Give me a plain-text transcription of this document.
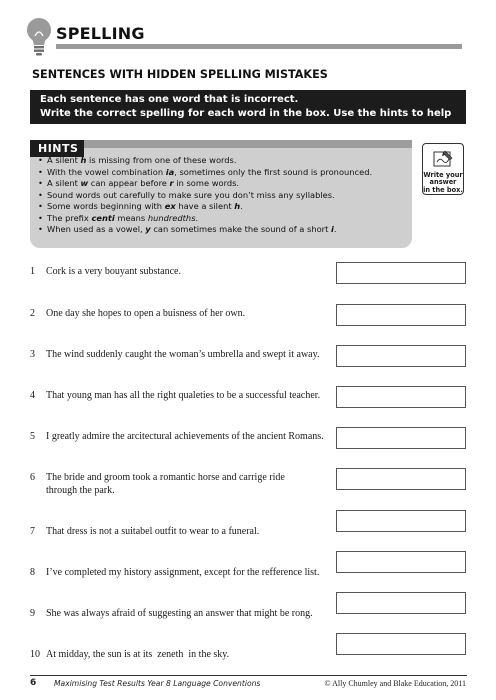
SPELLING
SENTENCES WITH HIDDEN SPELLING MISTAKES
Each sentence has one word that is incorrect.
Write the correct spelling for each word in the box. Use the hints to help you.
HINTS
• A silent h is missing from one of these words.
• With the vowel combination ia, sometimes only the first sound is pronounced.
• A silent w can appear before r in some words.
• Sound words out carefully to make sure you don’t miss any syllables.
• Some words beginning with ex have a silent h.
• The prefix centi means hundredths.
• When used as a vowel, y can sometimes make the sound of a short i.
Write your
answer
in the box.
1 Cork is a very bouyant substance.
2 One day she hopes to open a buisness of her own.
3 The wind suddenly caught the woman’s umbrella and swept it away.
4 That young man has all the right qualeties to be a successful teacher.
5 I greatly admire the arcitectural achievements of the ancient Romans.
6 The bride and groom took a romantic horse and carrige ride
through the park.
7 That dress is not a suitabel outfit to wear to a funeral.
8 I’ve completed my history assignment, except for the refference list.
9 She was always afraid of suggesting an answer that might be rong.
10 At midday, the sun is at its  zeneth  in the sky.
6 Maximising Test Results Year 8 Language Conventions	© Ally Chumley and Blake Education, 2011
